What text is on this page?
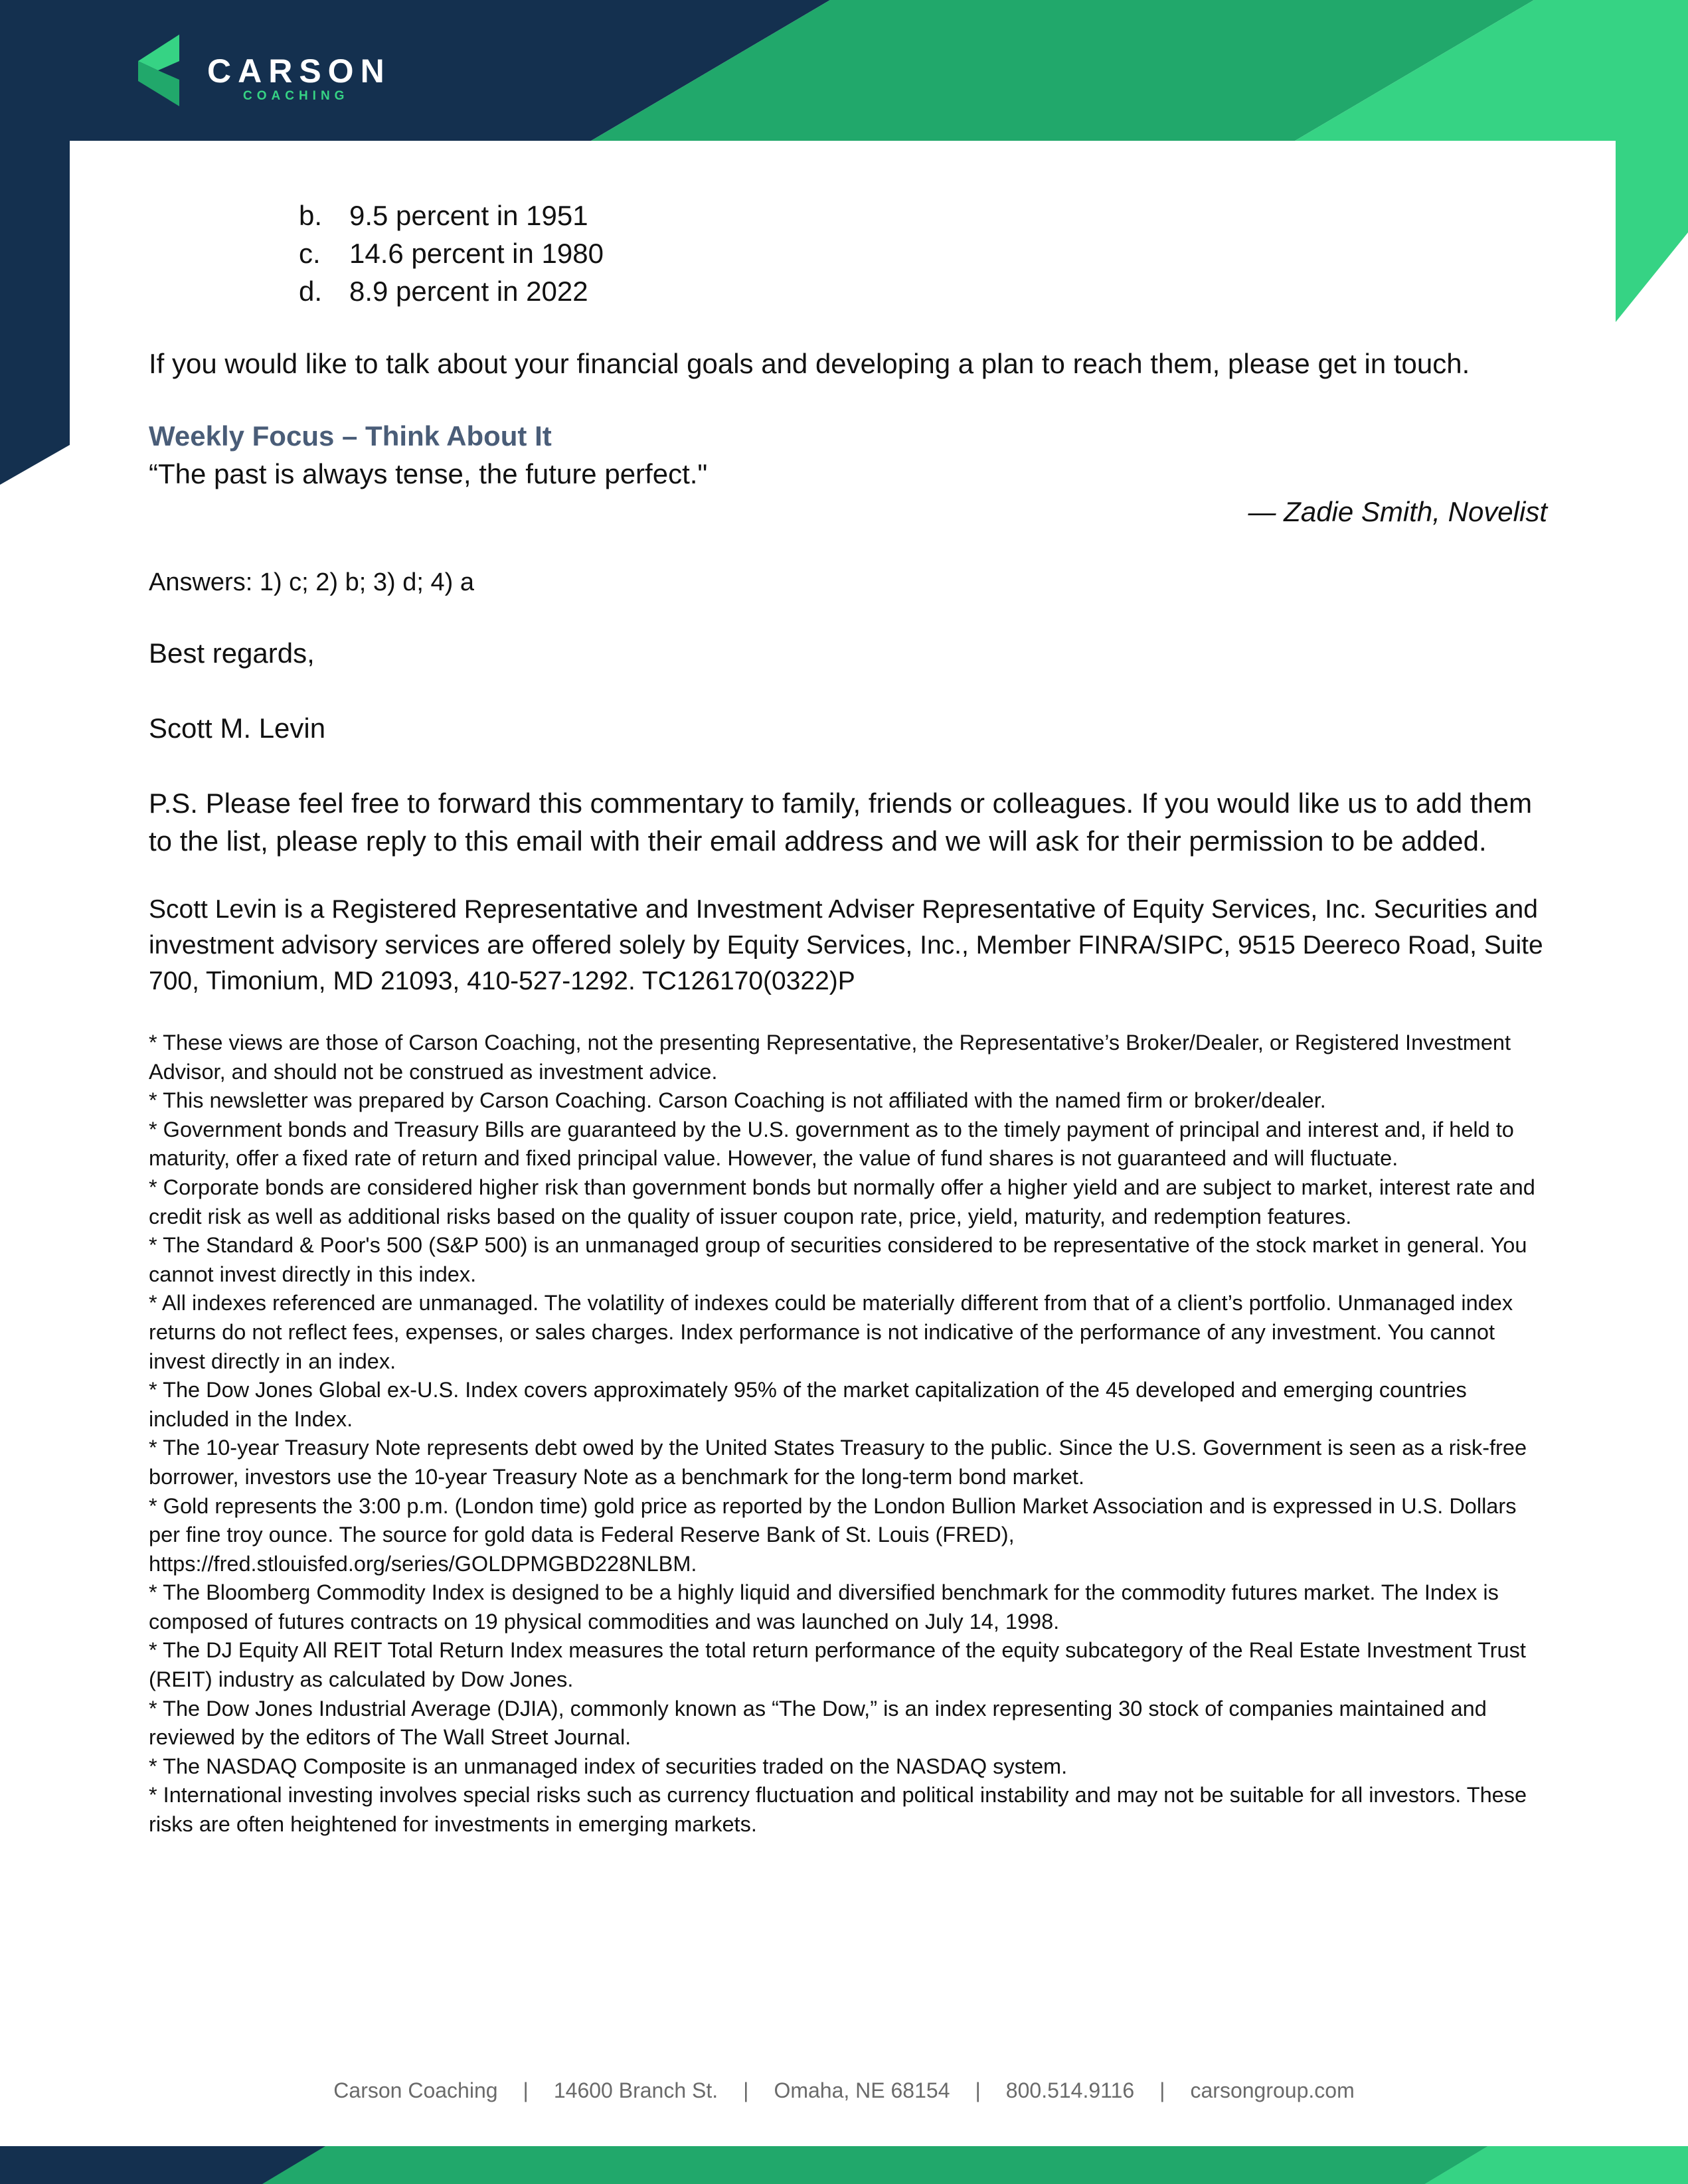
CARSON
COACHING
b. 9.5 percent in 1951
c. 14.6 percent in 1980
d. 8.9 percent in 2022

If you would like to talk about your financial goals and developing a plan to reach them, please get in touch.

Weekly Focus – Think About It

“The past is always tense, the future perfect."

— Zadie Smith, Novelist

Answers: 1) c; 2) b; 3) d; 4) a

Best regards,

Scott M. Levin

P.S. Please feel free to forward this commentary to family, friends or colleagues. If you would like us to add them to the list, please reply to this email with their email address and we will ask for their permission to be added.

Scott Levin is a Registered Representative and Investment Adviser Representative of Equity Services, Inc. Securities and investment advisory services are offered solely by Equity Services, Inc., Member FINRA/SIPC, 9515 Deereco Road, Suite 700, Timonium, MD 21093, 410-527-1292. TC126170(0322)P

* These views are those of Carson Coaching, not the presenting Representative, the Representative’s Broker/Dealer, or Registered Investment Advisor, and should not be construed as investment advice.

* This newsletter was prepared by Carson Coaching. Carson Coaching is not affiliated with the named firm or broker/dealer.

* Government bonds and Treasury Bills are guaranteed by the U.S. government as to the timely payment of principal and interest and, if held to maturity, offer a fixed rate of return and fixed principal value. However, the value of fund shares is not guaranteed and will fluctuate.

* Corporate bonds are considered higher risk than government bonds but normally offer a higher yield and are subject to market, interest rate and credit risk as well as additional risks based on the quality of issuer coupon rate, price, yield, maturity, and redemption features.

* The Standard & Poor's 500 (S&P 500) is an unmanaged group of securities considered to be representative of the stock market in general. You cannot invest directly in this index.

* All indexes referenced are unmanaged. The volatility of indexes could be materially different from that of a client’s portfolio. Unmanaged index returns do not reflect fees, expenses, or sales charges. Index performance is not indicative of the performance of any investment. You cannot invest directly in an index.

* The Dow Jones Global ex-U.S. Index covers approximately 95% of the market capitalization of the 45 developed and emerging countries included in the Index.

* The 10-year Treasury Note represents debt owed by the United States Treasury to the public. Since the U.S. Government is seen as a risk-free borrower, investors use the 10-year Treasury Note as a benchmark for the long-term bond market.

* Gold represents the 3:00 p.m. (London time) gold price as reported by the London Bullion Market Association and is expressed in U.S. Dollars per fine troy ounce. The source for gold data is Federal Reserve Bank of St. Louis (FRED), https://fred.stlouisfed.org/series/GOLDPMGBD228NLBM.

* The Bloomberg Commodity Index is designed to be a highly liquid and diversified benchmark for the commodity futures market. The Index is composed of futures contracts on 19 physical commodities and was launched on July 14, 1998.

* The DJ Equity All REIT Total Return Index measures the total return performance of the equity subcategory of the Real Estate Investment Trust (REIT) industry as calculated by Dow Jones.

* The Dow Jones Industrial Average (DJIA), commonly known as “The Dow,” is an index representing 30 stock of companies maintained and reviewed by the editors of The Wall Street Journal.

* The NASDAQ Composite is an unmanaged index of securities traded on the NASDAQ system.

* International investing involves special risks such as currency fluctuation and political instability and may not be suitable for all investors. These risks are often heightened for investments in emerging markets.

Carson Coaching | 14600 Branch St. | Omaha, NE 68154 | 800.514.9116 | carsongroup.com
